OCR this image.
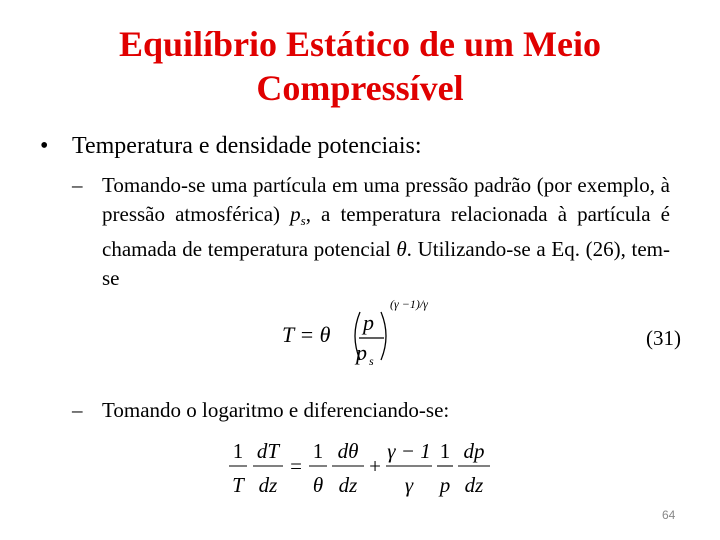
Equilíbrio Estático de um Meio
Compressível
• Temperatura e densidade potenciais:
– Tomando-se uma partícula em uma pressão padrão (por exemplo, à pressão atmosférica) ps, a temperatura relacionada à partícula é chamada de temperatura potencial θ. Utilizando-se a Eq. (26), tem-se
T = θ p
p s
(γ −1)/γ
(31)
– Tomando o logaritmo e diferenciando-se:
1
T
dT
dz
=
1
θ
dθ
dz
+
γ − 1
γ
1
p
dp
dz
64
